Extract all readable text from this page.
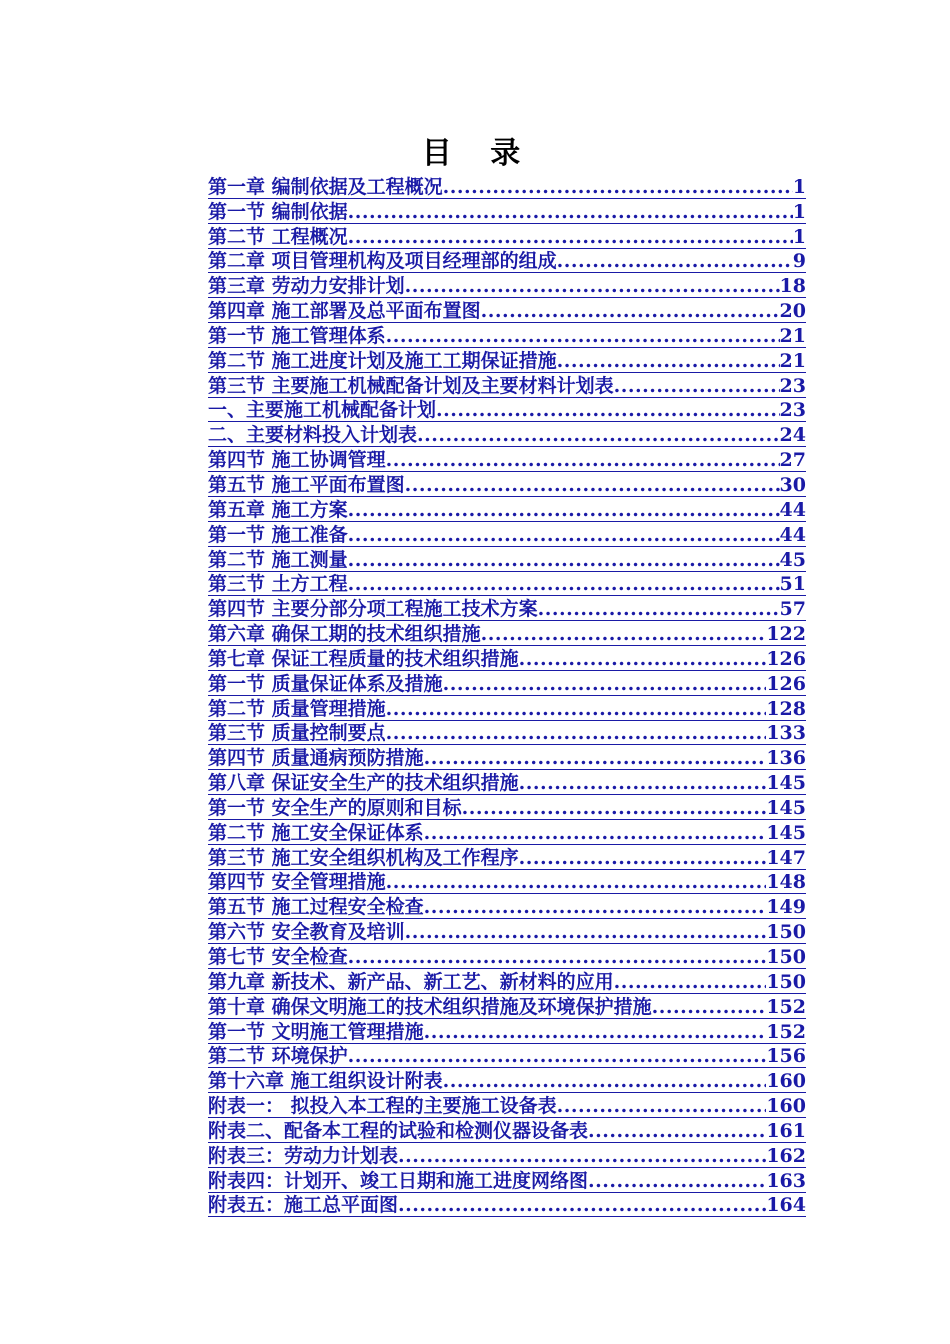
目 录
第一章 编制依据及工程概况 .....	1
第一节 编制依据 .....	1
第二节 工程概况 .....	1
第二章 项目管理机构及项目经理部的组成 .....	9
第三章 劳动力安排计划 .....	18
第四章 施工部署及总平面布置图 .....	20
第一节 施工管理体系 .....	21
第二节 施工进度计划及施工工期保证措施 .....	21
第三节 主要施工机械配备计划及主要材料计划表 .....	23
一、主要施工机械配备计划 .....	23
二、主要材料投入计划表 .....	24
第四节 施工协调管理 .....	27
第五节 施工平面布置图 .....	30
第五章 施工方案 .....	44
第一节 施工准备 .....	44
第二节 施工测量 .....	45
第三节 土方工程 .....	51
第四节 主要分部分项工程施工技术方案 .....	57
第六章 确保工期的技术组织措施 .....	122
第七章 保证工程质量的技术组织措施 .....	126
第一节 质量保证体系及措施 .....	126
第二节 质量管理措施 .....	128
第三节 质量控制要点 .....	133
第四节 质量通病预防措施 .....	136
第八章 保证安全生产的技术组织措施 .....	145
第一节 安全生产的原则和目标 .....	145
第二节 施工安全保证体系 .....	145
第三节 施工安全组织机构及工作程序 .....	147
第四节 安全管理措施 .....	148
第五节 施工过程安全检查 .....	149
第六节 安全教育及培训 .....	150
第七节 安全检查 .....	150
第九章 新技术、新产品、新工艺、新材料的应用 .....	150
第十章 确保文明施工的技术组织措施及环境保护措施 .....	152
第一节 文明施工管理措施 .....	152
第二节 环境保护 .....	156
第十六章 施工组织设计附表 .....	160
附表一： 拟投入本工程的主要施工设备表 .....	160
附表二、配备本工程的试验和检测仪器设备表 .....	161
附表三：劳动力计划表 .....	162
附表四：计划开、竣工日期和施工进度网络图 .....	163
附表五：施工总平面图 .....	164
